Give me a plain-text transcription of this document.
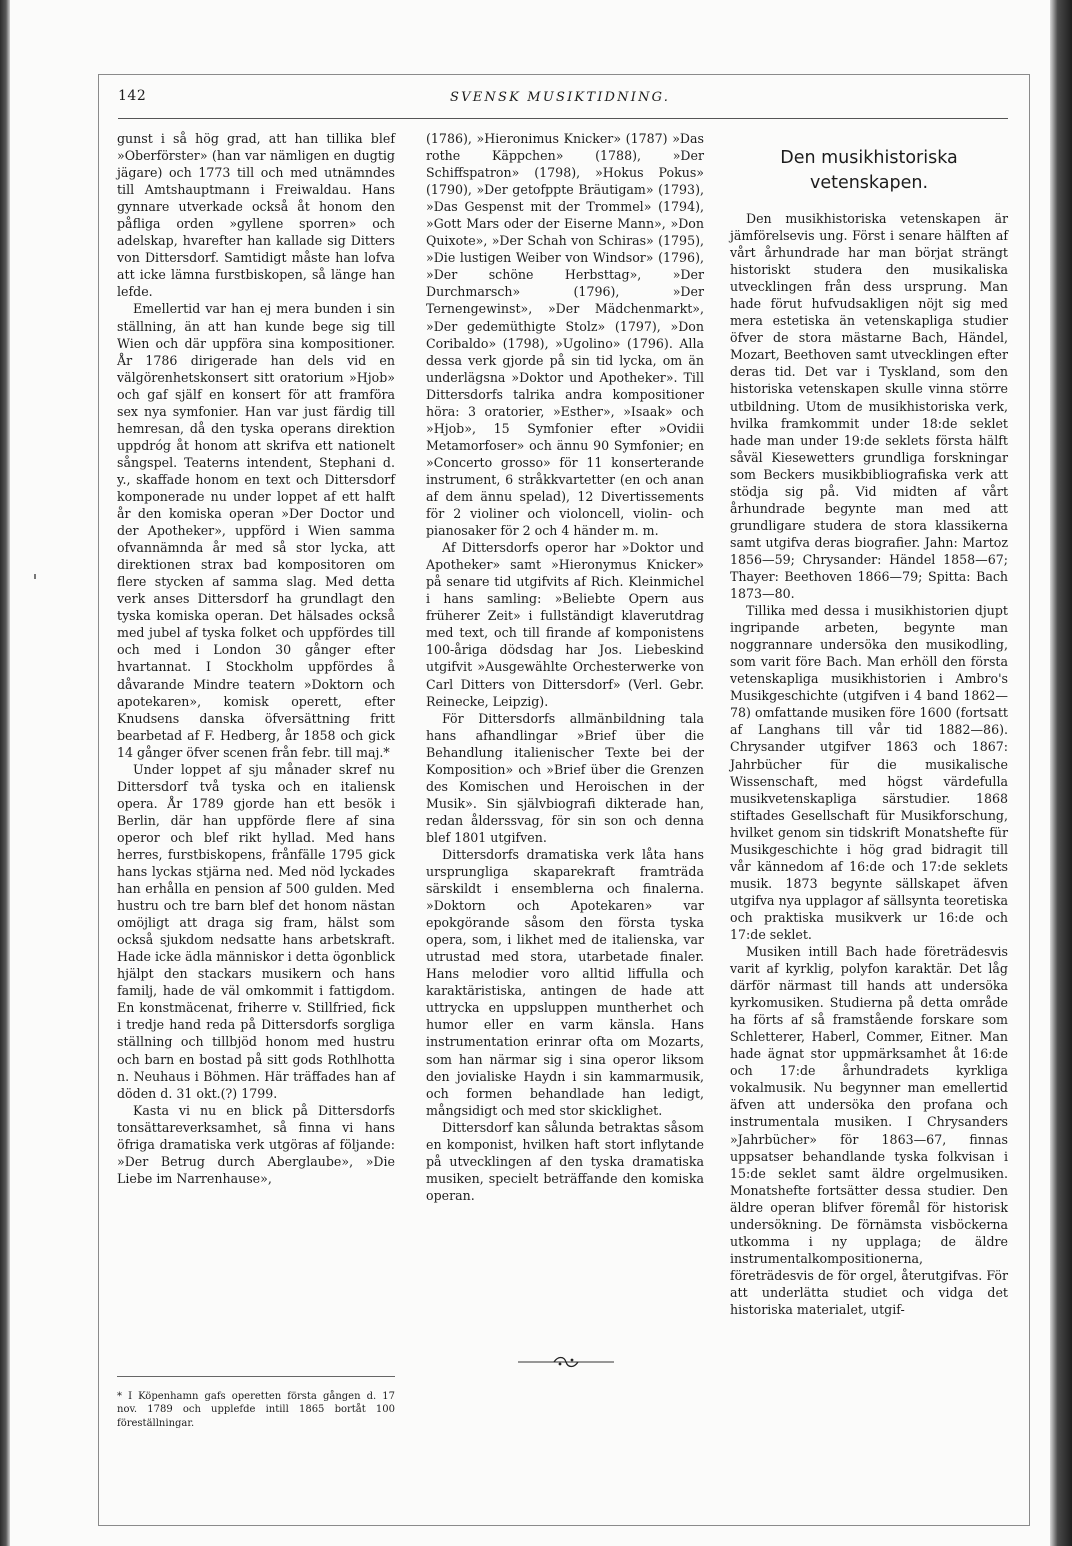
142	SVENSK MUSIKTIDNING.

gunst i så hög grad, att han tillika blef »Oberförster» (han var nämligen en dugtig jägare) och 1773 till och med utnämndes till Amtshauptmann i Freiwaldau. Hans gynnare utverkade också åt honom den påfliga orden »gyllene sporren» och adelskap, hvarefter han kallade sig Ditters von Dittersdorf. Samtidigt måste han lofva att icke lämna furstbiskopen, så länge han lefde.

Emellertid var han ej mera bunden i sin ställning, än att han kunde bege sig till Wien och där uppföra sina kompositioner. År 1786 dirigerade han dels vid en välgörenhetskonsert sitt oratorium »Hjob» och gaf själf en konsert för att framföra sex nya symfonier. Han var just färdig till hemresan, då den tyska operans direktion uppdróg åt honom att skrifva ett nationelt sångspel. Teaterns intendent, Stephani d. y., skaffade honom en text och Dittersdorf komponerade nu under loppet af ett halft år den komiska operan »Der Doctor und der Apotheker», uppförd i Wien samma ofvannämnda år med så stor lycka, att direktionen strax bad kompositoren om flere stycken af samma slag. Med detta verk anses Dittersdorf ha grundlagt den tyska komiska operan. Det hälsades också med jubel af tyska folket och uppfördes till och med i London 30 gånger efter hvartannat. I Stockholm uppfördes å dåvarande Mindre teatern »Doktorn och apotekaren», komisk operett, efter Knudsens danska öfversättning fritt bearbetad af F. Hedberg, år 1858 och gick 14 gånger öfver scenen från febr. till maj.*

Under loppet af sju månader skref nu Dittersdorf två tyska och en italiensk opera. År 1789 gjorde han ett besök i Berlin, där han uppförde flere af sina operor och blef rikt hyllad. Med hans herres, furstbiskopens, frånfälle 1795 gick hans lyckas stjärna ned. Med nöd lyckades han erhålla en pension af 500 gulden. Med hustru och tre barn blef det honom nästan omöjligt att draga sig fram, hälst som också sjukdom nedsatte hans arbetskraft. Hade icke ädla människor i detta ögonblick hjälpt den stackars musikern och hans familj, hade de väl omkommit i fattigdom. En konstmäcenat, friherre v. Stillfried, fick i tredje hand reda på Dittersdorfs sorgliga ställning och tillbjöd honom med hustru och barn en bostad på sitt gods Rothlhotta n. Neuhaus i Böhmen. Här träffades han af döden d. 31 okt.(?) 1799.

Kasta vi nu en blick på Dittersdorfs tonsättareverksamhet, så finna vi hans öfriga dramatiska verk utgöras af följande: »Der Betrug durch Aberglaube», »Die Liebe im Narrenhause»,

* I Köpenhamn gafs operetten första gången d. 17 nov. 1789 och upplefde intill 1865 bortåt 100 föreställningar.

(1786), »Hieronimus Knicker» (1787) »Das rothe Käppchen» (1788), »Der Schiffspatron» (1798), »Hokus Pokus» (1790), »Der getofppte Bräutigam» (1793), »Das Gespenst mit der Trommel» (1794), »Gott Mars oder der Eiserne Mann», »Don Quixote», »Der Schah von Schiras» (1795), »Die lustigen Weiber von Windsor» (1796), »Der schöne Herbsttag», »Der Durchmarsch» (1796), »Der Ternengewinst», »Der Mädchenmarkt», »Der gedemüthigte Stolz» (1797), »Don Coribaldo» (1798), »Ugolino» (1796). Alla dessa verk gjorde på sin tid lycka, om än underlägsna »Doktor und Apotheker». Till Dittersdorfs talrika andra kompositioner höra: 3 oratorier, »Esther», »Isaak» och »Hjob», 15 Symfonier efter »Ovidii Metamorfoser» och ännu 90 Symfonier; en »Concerto grosso» för 11 konserterande instrument, 6 stråkkvartetter (en och anan af dem ännu spelad), 12 Divertissements för 2 violiner och violoncell, violin- och pianosaker för 2 och 4 händer m. m.

Af Dittersdorfs operor har »Doktor und Apotheker» samt »Hieronymus Knicker» på senare tid utgifvits af Rich. Kleinmichel i hans samling: »Beliebte Opern aus früherer Zeit» i fullständigt klaverutdrag med text, och till firande af komponistens 100-åriga dödsdag har Jos. Liebeskind utgifvit »Ausgewählte Orchesterwerke von Carl Ditters von Dittersdorf» (Verl. Gebr. Reinecke, Leipzig).

För Dittersdorfs allmänbildning tala hans afhandlingar »Brief über die Behandlung italienischer Texte bei der Komposition» och »Brief über die Grenzen des Komischen und Heroischen in der Musik». Sin självbiografi dikterade han, redan ålderssvag, för sin son och denna blef 1801 utgifven.

Dittersdorfs dramatiska verk låta hans ursprungliga skaparekraft framträda särskildt i ensemblerna och finalerna. »Doktorn och Apotekaren» var epokgörande såsom den första tyska opera, som, i likhet med de italienska, var utrustad med stora, utarbetade finaler. Hans melodier voro alltid liffulla och karaktäristiska, antingen de hade att uttrycka en uppsluppen muntherhet och humor eller en varm känsla. Hans instrumentation erinrar ofta om Mozarts, som han närmar sig i sina operor liksom den jovialiske Haydn i sin kammarmusik, och formen behandlade han ledigt, mångsidigt och med stor skicklighet.

Dittersdorf kan sålunda betraktas såsom en komponist, hvilken haft stort inflytande på utvecklingen af den tyska dramatiska musiken, specielt beträffande den komiska operan.

Den musikhistoriska
vetenskapen.

Den musikhistoriska vetenskapen är jämförelsevis ung. Först i senare hälften af vårt århundrade har man börjat strängt historiskt studera den musikaliska utvecklingen från dess ursprung. Man hade förut hufvudsakligen nöjt sig med mera estetiska än vetenskapliga studier öfver de stora mästarne Bach, Händel, Mozart, Beethoven samt utvecklingen efter deras tid. Det var i Tyskland, som den historiska vetenskapen skulle vinna större utbildning. Utom de musikhistoriska verk, hvilka framkommit under 18:de seklet hade man under 19:de seklets första hälft såväl Kiesewetters grundliga forskningar som Beckers musikbibliografiska verk att stödja sig på. Vid midten af vårt århundrade begynte man med att grundligare studera de stora klassikerna samt utgifva deras biografier. Jahn: Martoz 1856—59; Chrysander: Händel 1858—67; Thayer: Beethoven 1866—79; Spitta: Bach 1873—80.

Tillika med dessa i musikhistorien djupt ingripande arbeten, begynte man noggrannare undersöka den musikodling, som varit före Bach. Man erhöll den första vetenskapliga musikhistorien i Ambro's Musikgeschichte (utgifven i 4 band 1862—78) omfattande musiken före 1600 (fortsatt af Langhans till vår tid 1882—86). Chrysander utgifver 1863 och 1867: Jahrbücher für die musikalische Wissenschaft, med högst värdefulla musikvetenskapliga särstudier. 1868 stiftades Gesellschaft für Musikforschung, hvilket genom sin tidskrift Monatshefte für Musikgeschichte i hög grad bidragit till vår kännedom af 16:de och 17:de seklets musik. 1873 begynte sällskapet äfven utgifva nya upplagor af sällsynta teoretiska och praktiska musikverk ur 16:de och 17:de seklet.

Musiken intill Bach hade företrädesvis varit af kyrklig, polyfon karaktär. Det låg därför närmast till hands att undersöka kyrkomusiken. Studierna på detta område ha förts af så framstående forskare som Schletterer, Haberl, Commer, Eitner. Man hade ägnat stor uppmärksamhet åt 16:de och 17:de århundradets kyrkliga vokalmusik. Nu begynner man emellertid äfven att undersöka den profana och instrumentala musiken. I Chrysanders »Jahrbücher» för 1863—67, finnas uppsatser behandlande tyska folkvisan i 15:de seklet samt äldre orgelmusiken. Monatshefte fortsätter dessa studier. Den äldre operan blifver föremål för historisk undersökning. De förnämsta visböckerna utkomma i ny upplaga; de äldre instrumentalkompositionerna, företrädesvis de för orgel, återutgifvas. För att underlätta studiet och vidga det historiska materialet, utgif-
